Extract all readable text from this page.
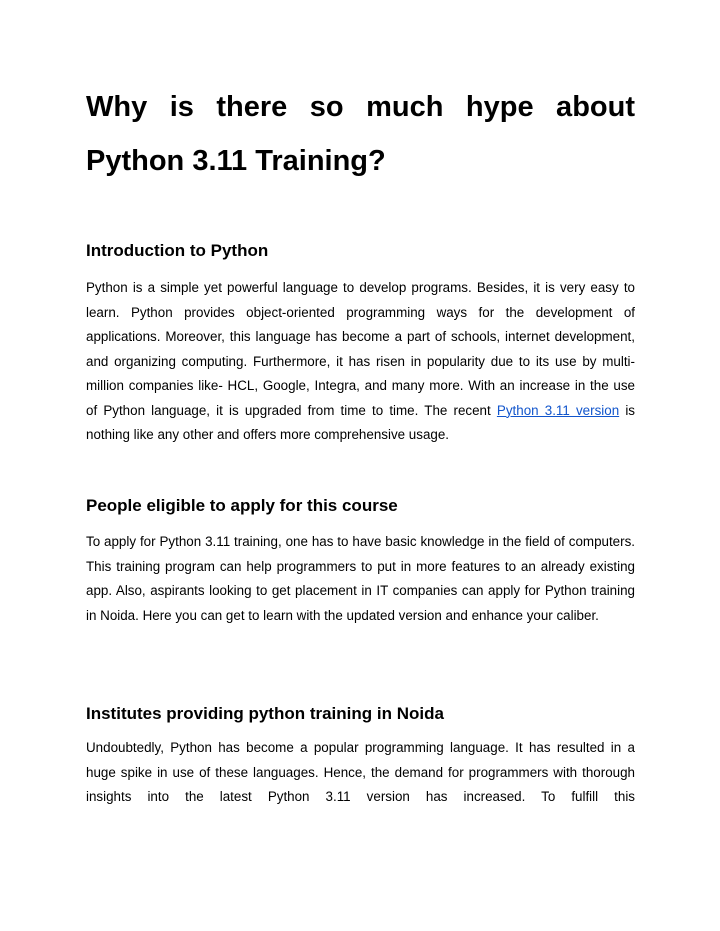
Why is there so much hype about
Python 3.11 Training?
Introduction to Python

Python is a simple yet powerful language to develop programs. Besides, it is very easy to learn. Python provides object-oriented programming ways for the development of applications. Moreover, this language has become a part of schools, internet development, and organizing computing. Furthermore, it has risen in popularity due to its use by multi-million companies like- HCL, Google, Integra, and many more. With an increase in the use of Python language, it is upgraded from time to time. The recent Python 3.11 version is nothing like any other and offers more comprehensive usage.

People eligible to apply for this course

To apply for Python 3.11 training, one has to have basic knowledge in the field of computers. This training program can help programmers to put in more features to an already existing app. Also, aspirants looking to get placement in IT companies can apply for Python training in Noida. Here you can get to learn with the updated version and enhance your caliber.

Institutes providing python training in Noida

Undoubtedly, Python has become a popular programming language. It has resulted in a huge spike in use of these languages. Hence, the demand for programmers with thorough insights into the latest Python 3.11 version has increased. To fulfill this
